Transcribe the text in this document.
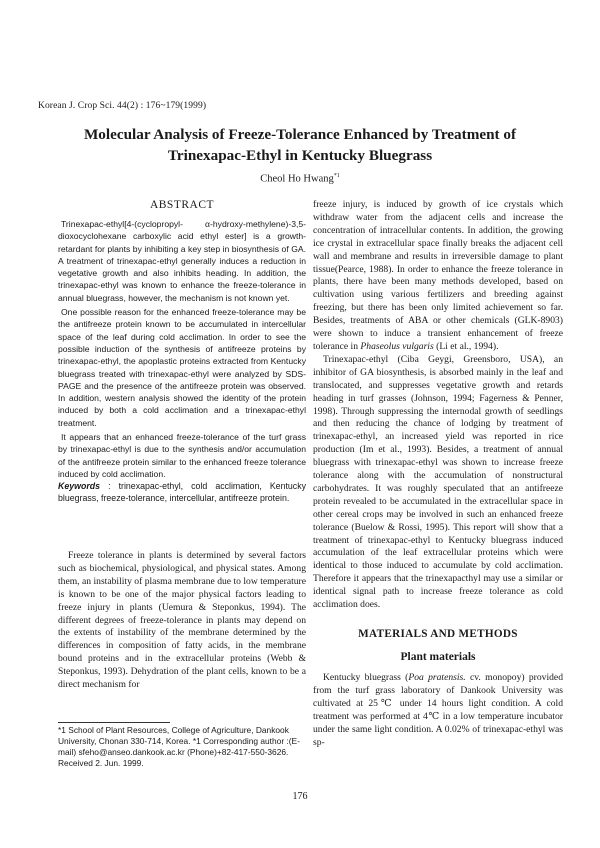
Korean J. Crop Sci. 44(2) : 176~179(1999)
Molecular Analysis of Freeze-Tolerance Enhanced by Treatment of
Trinexapac-Ethyl in Kentucky Bluegrass
Cheol Ho Hwang$^{*1}$
ABSTRACT

Trinexapac-ethyl[4-(cyclopropyl- α-hydroxy-methylene)-3,5-dioxocyclohexane carboxylic acid ethyl ester] is a growth-retardant for plants by inhibiting a key step in biosynthesis of GA. A treatment of trinexapac-ethyl generally induces a reduction in vegetative growth and also inhibits heading. In addition, the trinexapac-ethyl was known to enhance the freeze-tolerance in annual bluegrass, however, the mechanism is not known yet.

One possible reason for the enhanced freeze-tolerance may be the antifreeze protein known to be accumulated in intercellular space of the leaf during cold acclimation. In order to see the possible induction of the synthesis of antifreeze proteins by trinexapac-ethyl, the apoplastic proteins extracted from Kentucky bluegrass treated with trinexapac-ethyl were analyzed by SDS-PAGE and the presence of the antifreeze protein was observed. In addition, western analysis showed the identity of the protein induced by both a cold acclimation and a trinexapac-ethyl treatment.

It appears that an enhanced freeze-tolerance of the turf grass by trinexapac-ethyl is due to the synthesis and/or accumulation of the antifreeze protein similar to the enhanced freeze tolerance induced by cold acclimation.

Keywords : trinexapac-ethyl, cold acclimation, Kentucky bluegrass, freeze-tolerance, intercellular, antifreeze protein.

Freeze tolerance in plants is determined by several factors such as biochemical, physiological, and physical states. Among them, an instability of plasma membrane due to low temperature is known to be one of the major physical factors leading to freeze injury in plants (Uemura & Steponkus, 1994). The different degrees of freeze-tolerance in plants may depend on the extents of instability of the membrane determined by the differences in composition of fatty acids, in the membrane bound proteins and in the extracellular proteins (Webb & Steponkus, 1993). Dehydration of the plant cells, known to be a direct mechanism for

*1 School of Plant Resources, College of Agriculture, Dankook University, Chonan 330-714, Korea. *1 Corresponding author :(E-mail) sfeho@anseo.dankook.ac.kr (Phone)+82-417-550-3626. Received 2. Jun. 1999.

freeze injury, is induced by growth of ice crystals which withdraw water from the adjacent cells and increase the concentration of intracellular contents. In addition, the growing ice crystal in extracellular space finally breaks the adjacent cell wall and membrane and results in irreversible damage to plant tissue(Pearce, 1988). In order to enhance the freeze tolerance in plants, there have been many methods developed, based on cultivation using various fertilizers and breeding against freezing, but there has been only limited achievement so far. Besides, treatments of ABA or other chemicals (GLK-8903) were shown to induce a transient enhancement of freeze tolerance in Phaseolus vulgaris (Li et al., 1994).

Trinexapac-ethyl (Ciba Geygi, Greensboro, USA), an inhibitor of GA biosynthesis, is absorbed mainly in the leaf and translocated, and suppresses vegetative growth and retards heading in turf grasses (Johnson, 1994; Fagerness & Penner, 1998). Through suppressing the internodal growth of seedlings and then reducing the chance of lodging by treatment of trinexapac-ethyl, an increased yield was reported in rice production (Im et al., 1993). Besides, a treatment of annual bluegrass with trinexapac-ethyl was shown to increase freeze tolerance along with the accumulation of nonstructural carbohydrates. It was roughly speculated that an antifreeze protein revealed to be accumulated in the extracellular space in other cereal crops may be involved in such an enhanced freeze tolerance (Buelow & Rossi, 1995). This report will show that a treatment of trinexapac-ethyl to Kentucky bluegrass induced accumulation of the leaf extracellular proteins which were identical to those induced to accumulate by cold acclimation. Therefore it appears that the trinexapacthyl may use a similar or identical signal path to increase freeze tolerance as cold acclimation does.

MATERIALS AND METHODS
Plant materials

Kentucky bluegrass (Poa pratensis. cv. monopoy) provided from the turf grass laboratory of Dankook University was cultivated at 25℃ under 14 hours light condition. A cold treatment was performed at 4℃ in a low temperature incubator under the same light condition. A 0.02% of trinexapac-ethyl was sp-

176
